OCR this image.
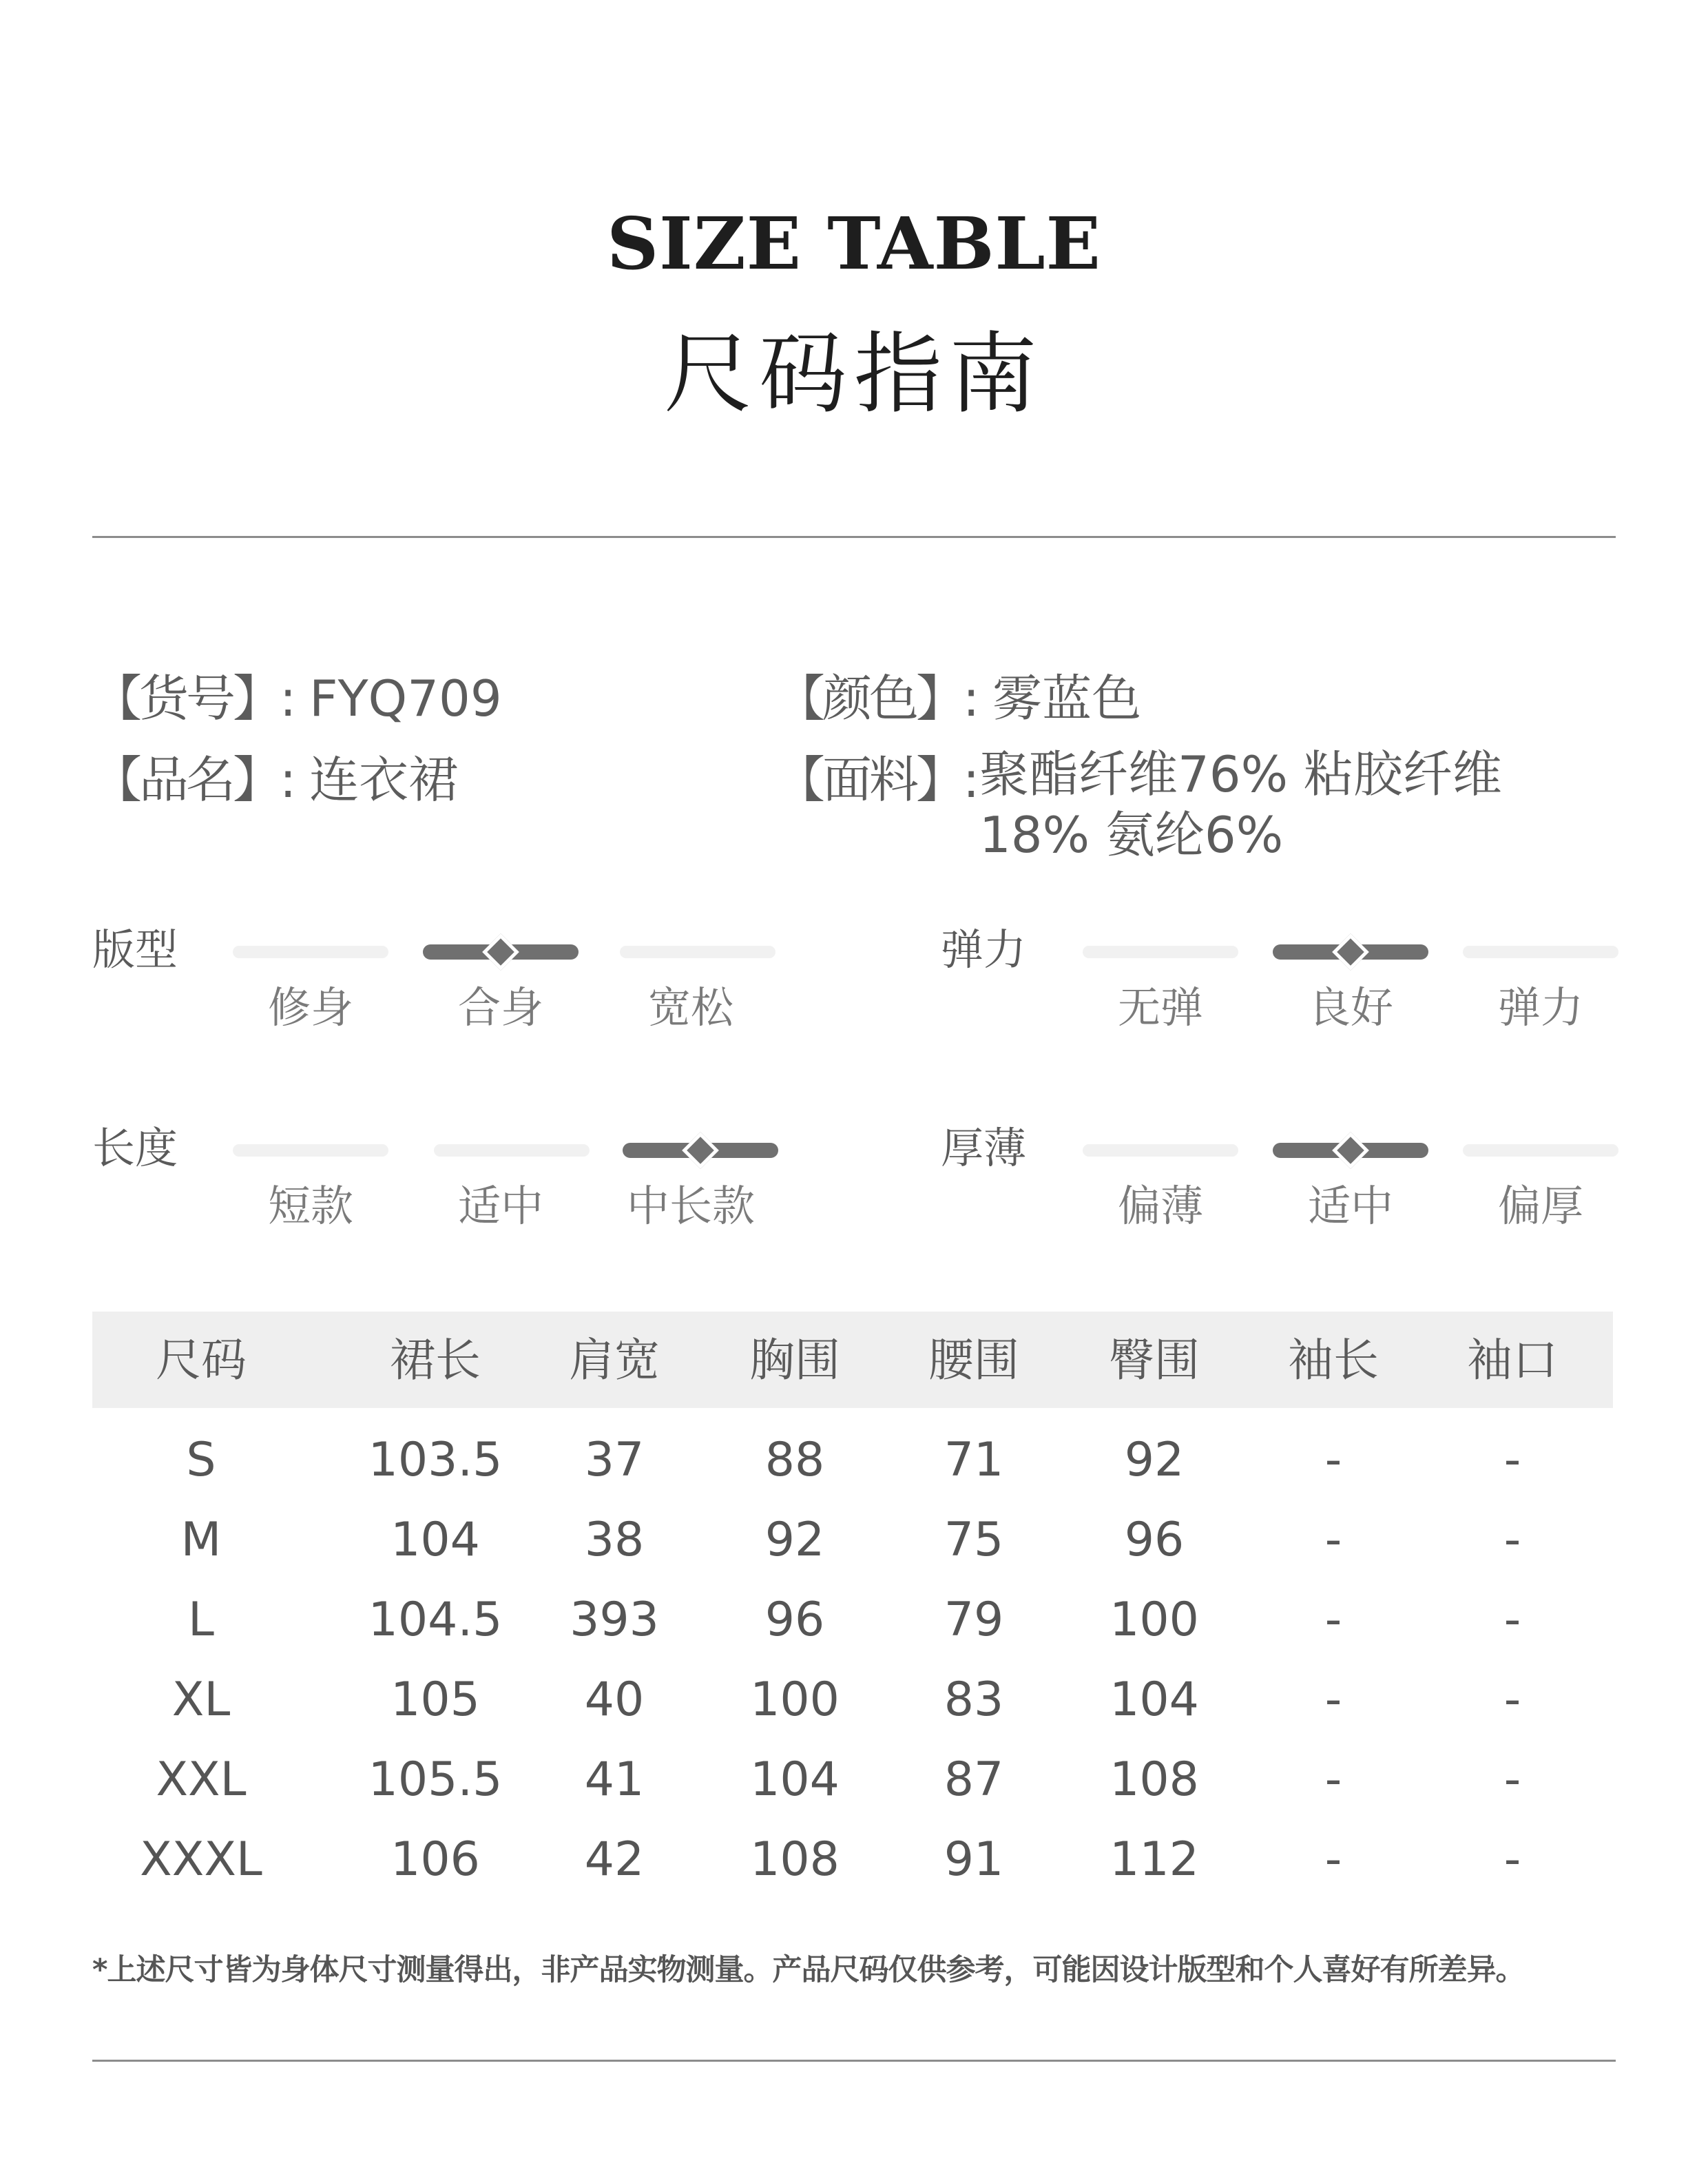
SIZE TABLE
尺码指南
【货号】: FYQ709	【颜色】: 雾蓝色
【品名】: 连衣裙	【面料】: 聚酯纤维76% 粘胶纤维18% 氨纶6%
版型
修身	合身	宽松
弹力
无弹	良好	弹力
长度
短款	适中	中长款
厚薄
偏薄	适中	偏厚
尺码	裙长	肩宽	胸围	腰围	臀围	袖长	袖口
S	103.5	37	88	71	92	-	-
M	104	38	92	75	96	-	-
L	104.5	393	96	79	100	-	-
XL	105	40	100	83	104	-	-
XXL	105.5	41	104	87	108	-	-
XXXL	106	42	108	91	112	-	-
*上述尺寸皆为身体尺寸测量得出，非产品实物测量。产品尺码仅供参考，可能因设计版型和个人喜好有所差异。
